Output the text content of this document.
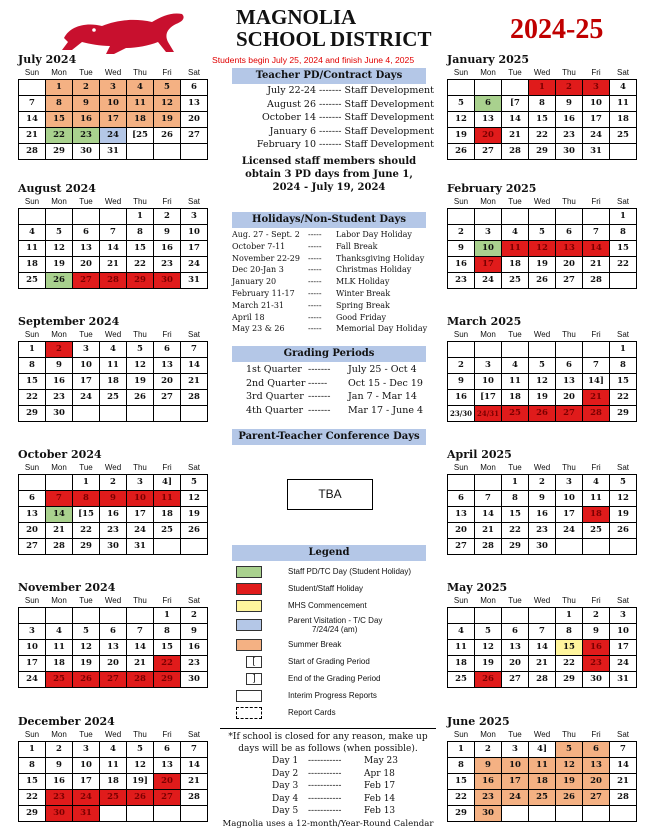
MAGNOLIA
SCHOOL DISTRICT	2024-25
Students begin July 25, 2024 and finish June 4, 2025
July 2024
Sun	Mon	Tue	Wed	Thu	Fri	Sat
	1	2	3	4	5	6
7	8	9	10	11	12	13
14	15	16	17	18	19	20
21	22	23	24	[25	26	27
28	29	30	31			
August 2024
Sun	Mon	Tue	Wed	Thu	Fri	Sat
				1	2	3
4	5	6	7	8	9	10
11	12	13	14	15	16	17
18	19	20	21	22	23	24
25	26	27	28	29	30	31
September 2024
Sun	Mon	Tue	Wed	Thu	Fri	Sat
1	2	3	4	5	6	7
8	9	10	11	12	13	14
15	16	17	18	19	20	21
22	23	24	25	26	27	28
29	30					
October 2024
Sun	Mon	Tue	Wed	Thu	Fri	Sat
		1	2	3	4]	5
6	7	8	9	10	11	12
13	14	[15	16	17	18	19
20	21	22	23	24	25	26
27	28	29	30	31		
November 2024
Sun	Mon	Tue	Wed	Thu	Fri	Sat
					1	2
3	4	5	6	7	8	9
10	11	12	13	14	15	16
17	18	19	20	21	22	23
24	25	26	27	28	29	30
December 2024
Sun	Mon	Tue	Wed	Thu	Fri	Sat
1	2	3	4	5	6	7
8	9	10	11	12	13	14
15	16	17	18	19]	20	21
22	23	24	25	26	27	28
29	30	31				
January 2025
Sun	Mon	Tue	Wed	Thu	Fri	Sat
			1	2	3	4
5	6	[7	8	9	10	11
12	13	14	15	16	17	18
19	20	21	22	23	24	25
26	27	28	29	30	31	
February 2025
Sun	Mon	Tue	Wed	Thu	Fri	Sat
						1
2	3	4	5	6	7	8
9	10	11	12	13	14	15
16	17	18	19	20	21	22
23	24	25	26	27	28	
March 2025
Sun	Mon	Tue	Wed	Thu	Fri	Sat
						1
2	3	4	5	6	7	8
9	10	11	12	13	14]	15
16	[17	18	19	20	21	22
23/30	24/31	25	26	27	28	29
April 2025
Sun	Mon	Tue	Wed	Thu	Fri	Sat
		1	2	3	4	5
6	7	8	9	10	11	12
13	14	15	16	17	18	19
20	21	22	23	24	25	26
27	28	29	30			
May 2025
Sun	Mon	Tue	Wed	Thu	Fri	Sat
				1	2	3
4	5	6	7	8	9	10
11	12	13	14	15	16	17
18	19	20	21	22	23	24
25	26	27	28	29	30	31
June 2025
Sun	Mon	Tue	Wed	Thu	Fri	Sat
1	2	3	4]	5	6	7
8	9	10	11	12	13	14
15	16	17	18	19	20	21
22	23	24	25	26	27	28
29	30					
Teacher PD/Contract Days
July 22-24 ------- Staff Development
August 26 ------- Staff Development
October 14 ------- Staff Development
January 6 ------- Staff Development
February 10 ------- Staff Development
Licensed staff members should
obtain 3 PD days from June 1,
2024 - July 19, 2024
Holidays/Non-Student Days
Aug. 27 - Sept. 2 ----- Labor Day Holiday
October 7-11	----- Fall Break
November 22-29 ----- Thanksgiving Holiday
Dec 20-Jan 3	----- Christmas Holiday
January 20	----- MLK Holiday
February 11-17 ----- Winter Break
March 21-31	----- Spring Break
April 18	----- Good Friday
May 23 & 26	----- Memorial Day Holiday
Grading Periods
1st Quarter ------- July 25 - Oct 4
2nd Quarter ------ Oct 15 - Dec 19
3rd Quarter ------- Jan 7 - Mar 14
4th Quarter ------- Mar 17 - June 4
Parent-Teacher Conference Days
TBA
Legend
Staff PD/TC Day (Student Holiday)
Student/Staff Holiday
MHS Commencement
Parent Visitation - T/C Day
7/24/24 (am)
Summer Break
[	Start of Grading Period
]	End of the Grading Period
Interim Progress Reports
Report Cards
*If school is closed for any reason, make up
days will be as follows (when possible).
Day 1 -----------	May 23
Day 2 -----------	Apr 18
Day 3 -----------	Feb 17
Day 4 -----------	Feb 14
Day 5 -----------	Feb 13
Magnolia uses a 12-month/Year-Round Calendar
